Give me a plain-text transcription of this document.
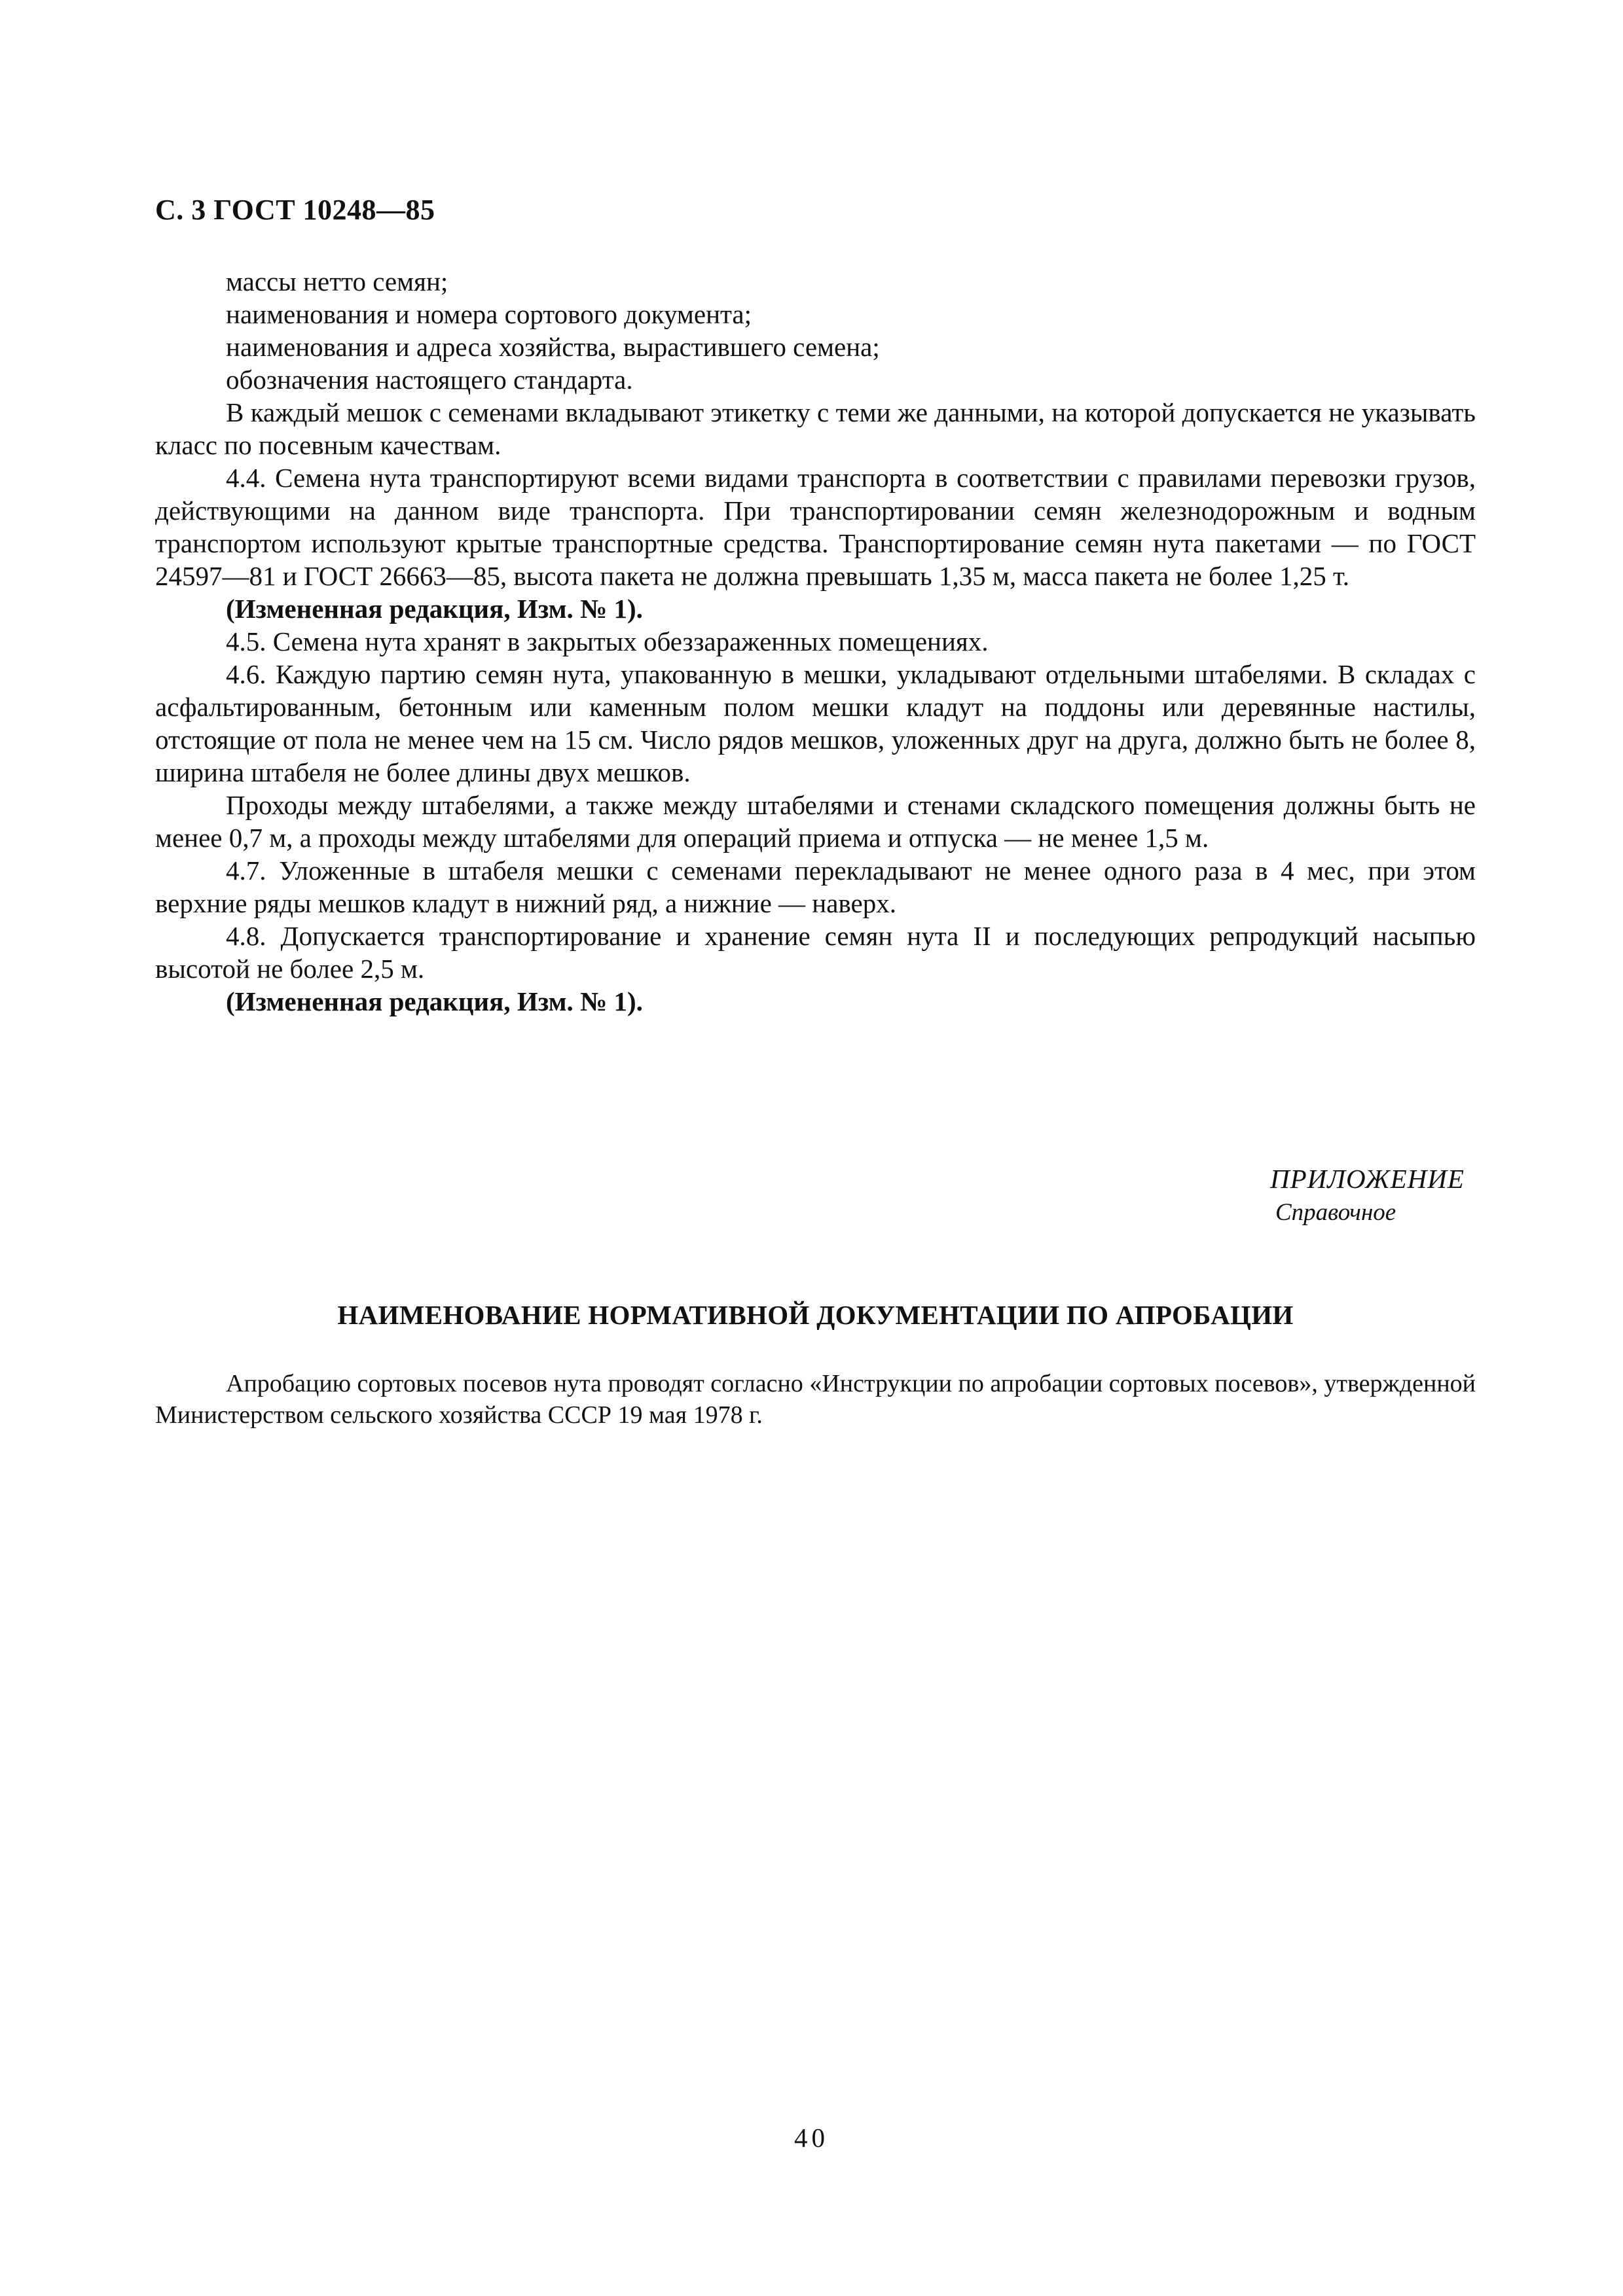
С. 3 ГОСТ 10248—85

массы нетто семян;

наименования и номера сортового документа;

наименования и адреса хозяйства, вырастившего семена;

обозначения настоящего стандарта.

В каждый мешок с семенами вкладывают этикетку с теми же данными, на которой допускается не указывать класс по посевным качествам.

4.4. Семена нута транспортируют всеми видами транспорта в соответствии с правилами перевозки грузов, действующими на данном виде транспорта. При транспортировании семян железнодорожным и водным транспортом используют крытые транспортные средства. Транспортирование семян нута пакетами — по ГОСТ 24597—81 и ГОСТ 26663—85, высота пакета не должна превышать 1,35 м, масса пакета не более 1,25 т.

(Измененная редакция, Изм. № 1).

4.5. Семена нута хранят в закрытых обеззараженных помещениях.

4.6. Каждую партию семян нута, упакованную в мешки, укладывают отдельными штабелями. В складах с асфальтированным, бетонным или каменным полом мешки кладут на поддоны или деревянные настилы, отстоящие от пола не менее чем на 15 см. Число рядов мешков, уложенных друг на друга, должно быть не более 8, ширина штабеля не более длины двух мешков.

Проходы между штабелями, а также между штабелями и стенами складского помещения должны быть не менее 0,7 м, а проходы между штабелями для операций приема и отпуска — не менее 1,5 м.

4.7. Уложенные в штабеля мешки с семенами перекладывают не менее одного раза в 4 мес, при этом верхние ряды мешков кладут в нижний ряд, а нижние — наверх.

4.8. Допускается транспортирование и хранение семян нута II и последующих репродукций насыпью высотой не более 2,5 м.

(Измененная редакция, Изм. № 1).

ПРИЛОЖЕНИЕ
Справочное
НАИМЕНОВАНИЕ НОРМАТИВНОЙ ДОКУМЕНТАЦИИ ПО АПРОБАЦИИ

Апробацию сортовых посевов нута проводят согласно «Инструкции по апробации сортовых посевов», утвержденной Министерством сельского хозяйства СССР 19 мая 1978 г.

40
